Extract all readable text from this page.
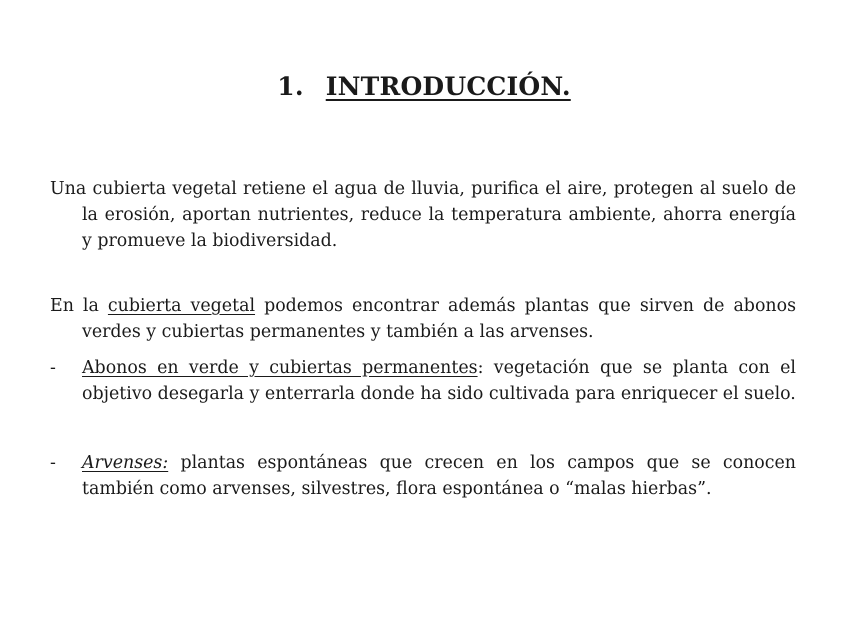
1. INTRODUCCIÓN.

Una cubierta vegetal retiene el agua de lluvia, purifica el aire, protegen al suelo de la erosión, aportan nutrientes, reduce la temperatura ambiente, ahorra energía y promueve la biodiversidad.

En la cubierta vegetal podemos encontrar además plantas que sirven de abonos verdes y cubiertas permanentes y también a las arvenses.

- Abonos en verde y cubiertas permanentes: vegetación que se planta con el objetivo desegarla y enterrarla donde ha sido cultivada para enriquecer el suelo.
- Arvenses: plantas espontáneas que crecen en los campos que se conocen también como arvenses, silvestres, flora espontánea o “malas hierbas”.
